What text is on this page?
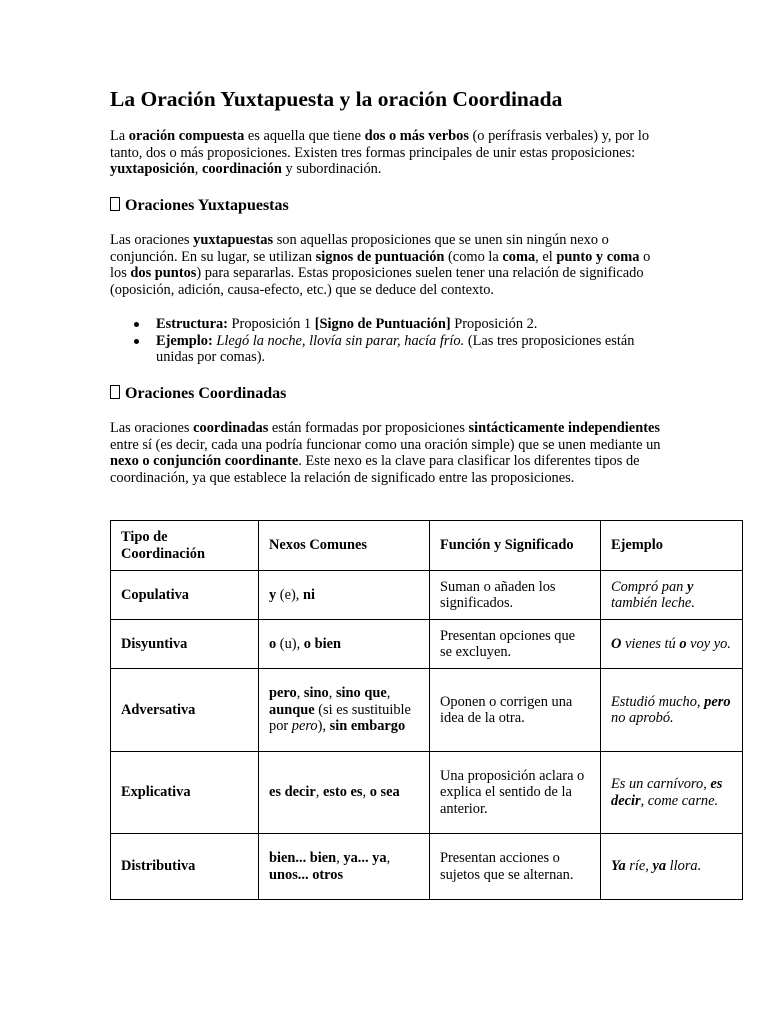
La Oración Yuxtapuesta y la oración Coordinada

La oración compuesta es aquella que tiene dos o más verbos (o perífrasis verbales) y, por lo tanto, dos o más proposiciones. Existen tres formas principales de unir estas proposiciones: yuxtaposición, coordinación y subordinación.

Oraciones Yuxtapuestas

Las oraciones yuxtapuestas son aquellas proposiciones que se unen sin ningún nexo o conjunción. En su lugar, se utilizan signos de puntuación (como la coma, el punto y coma o los dos puntos) para separarlas. Estas proposiciones suelen tener una relación de significado (oposición, adición, causa-efecto, etc.) que se deduce del contexto.

Estructura: Proposición 1 [Signo de Puntuación] Proposición 2.
Ejemplo: Llegó la noche, llovía sin parar, hacía frío. (Las tres proposiciones están unidas por comas).
Oraciones Coordinadas

Las oraciones coordinadas están formadas por proposiciones sintácticamente independientes entre sí (es decir, cada una podría funcionar como una oración simple) que se unen mediante un nexo o conjunción coordinante. Este nexo es la clave para clasificar los diferentes tipos de coordinación, ya que establece la relación de significado entre las proposiciones.

Tipo de Coordinación	Nexos Comunes	Función y Significado	Ejemplo
Copulativa	y (e), ni	Suman o añaden los significados.	Compró pan y también leche.
Disyuntiva	o (u), o bien	Presentan opciones que se excluyen.	O vienes tú o voy yo.
Adversativa	pero, sino, sino que, aunque (si es sustituible por pero), sin embargo	Oponen o corrigen una idea de la otra.	Estudió mucho, pero no aprobó.
Explicativa	es decir, esto es, o sea	Una proposición aclara o explica el sentido de la anterior.	Es un carnívoro, es decir, come carne.
Distributiva	bien... bien, ya... ya, unos... otros	Presentan acciones o sujetos que se alternan.	Ya ríe, ya llora.
